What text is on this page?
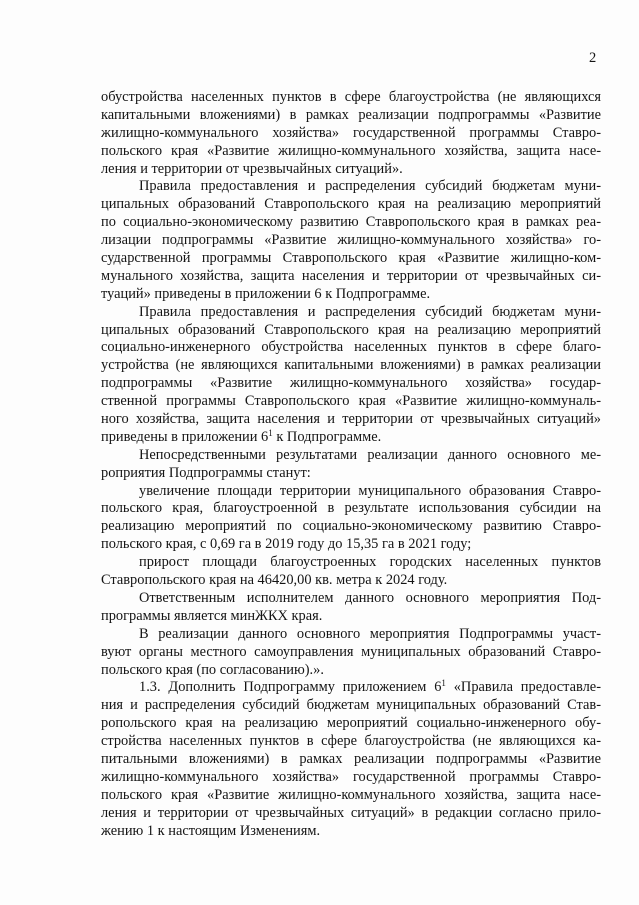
2
обустройства населенных пунктов в сфере благоустройства (не являющихся
капитальными вложениями) в рамках реализации подпрограммы «Развитие
жилищно-коммунального хозяйства» государственной программы Ставро-
польского края «Развитие жилищно-коммунального хозяйства, защита насе-
ления и территории от чрезвычайных ситуаций».
Правила предоставления и распределения субсидий бюджетам муни-
ципальных образований Ставропольского края на реализацию мероприятий
по социально-экономическому развитию Ставропольского края в рамках реа-
лизации подпрограммы «Развитие жилищно-коммунального хозяйства» го-
сударственной программы Ставропольского края «Развитие жилищно-ком-
мунального хозяйства, защита населения и территории от чрезвычайных си-
туаций» приведены в приложении 6 к Подпрограмме.
Правила предоставления и распределения субсидий бюджетам муни-
ципальных образований Ставропольского края на реализацию мероприятий
социально-инженерного обустройства населенных пунктов в сфере благо-
устройства (не являющихся капитальными вложениями) в рамках реализации
подпрограммы «Развитие жилищно-коммунального хозяйства» государ-
ственной программы Ставропольского края «Развитие жилищно-коммуналь-
ного хозяйства, защита населения и территории от чрезвычайных ситуаций»
приведены в приложении $6^1$ к Подпрограмме.
Непосредственными результатами реализации данного основного ме-
роприятия Подпрограммы станут:
увеличение площади территории муниципального образования Ставро-
польского края, благоустроенной в результате использования субсидии на
реализацию мероприятий по социально-экономическому развитию Ставро-
польского края, с 0,69 га в 2019 году до 15,35 га в 2021 году;
прирост площади благоустроенных городских населенных пунктов
Ставропольского края на 46420,00 кв. метра к 2024 году.
Ответственным исполнителем данного основного мероприятия Под-
программы является минЖКХ края.
В реализации данного основного мероприятия Подпрограммы участ-
вуют органы местного самоуправления муниципальных образований Ставро-
польского края (по согласованию).».
1.3. Дополнить Подпрограмму приложением $6^1$ «Правила предоставле-
ния и распределения субсидий бюджетам муниципальных образований Став-
ропольского края на реализацию мероприятий социально-инженерного обу-
стройства населенных пунктов в сфере благоустройства (не являющихся ка-
питальными вложениями) в рамках реализации подпрограммы «Развитие
жилищно-коммунального хозяйства» государственной программы Ставро-
польского края «Развитие жилищно-коммунального хозяйства, защита насе-
ления и территории от чрезвычайных ситуаций» в редакции согласно прило-
жению 1 к настоящим Изменениям.
